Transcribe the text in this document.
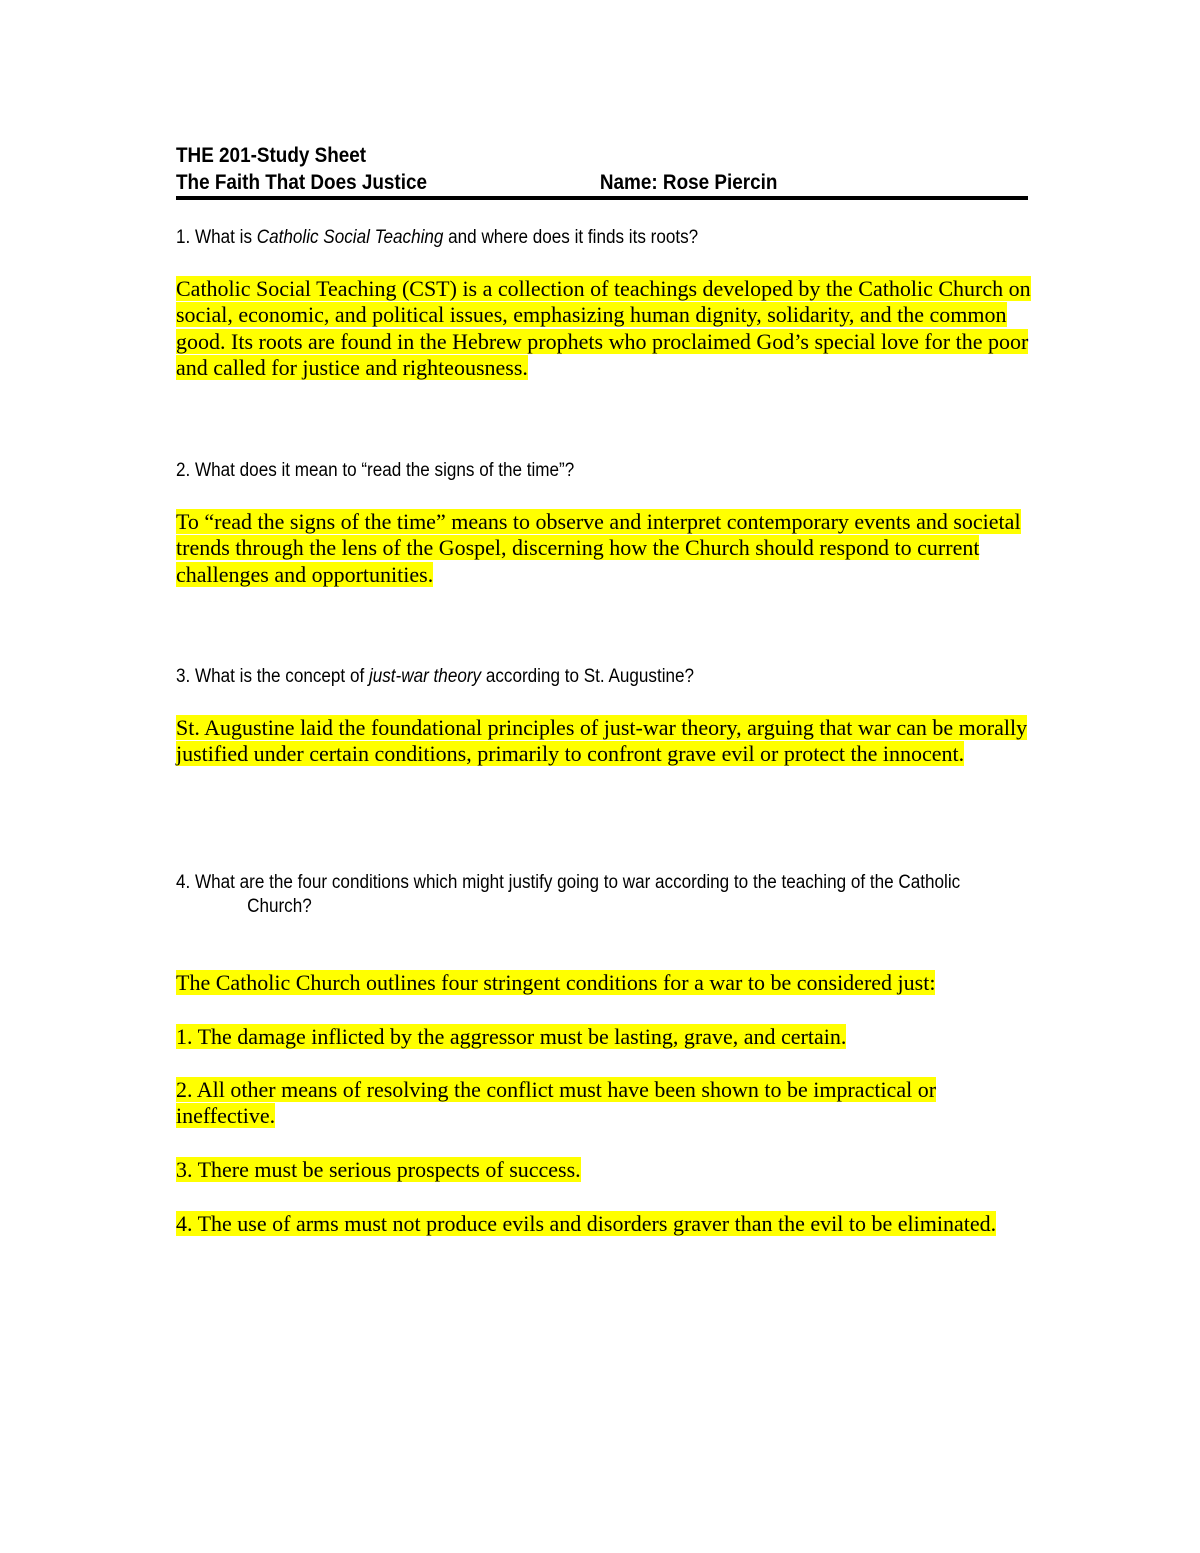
THE 201-Study Sheet
The Faith That Does Justice	Name: Rose Piercin
1. What is Catholic Social Teaching and where does it finds its roots?

Catholic Social Teaching (CST) is a collection of teachings developed by the Catholic Church on social, economic, and political issues, emphasizing human dignity, solidarity, and the common good. Its roots are found in the Hebrew prophets who proclaimed God’s special love for the poor and called for justice and righteousness.

2. What does it mean to “read the signs of the time”?

To “read the signs of the time” means to observe and interpret contemporary events and societal trends through the lens of the Gospel, discerning how the Church should respond to current challenges and opportunities.

3. What is the concept of just-war theory according to St. Augustine?

St. Augustine laid the foundational principles of just-war theory, arguing that war can be morally justified under certain conditions, primarily to confront grave evil or protect the innocent.

4. What are the four conditions which might justify going to war according to the teaching of the Catholic
Church?

The Catholic Church outlines four stringent conditions for a war to be considered just:

1. The damage inflicted by the aggressor must be lasting, grave, and certain.

2. All other means of resolving the conflict must have been shown to be impractical or ineffective.

3. There must be serious prospects of success.

4. The use of arms must not produce evils and disorders graver than the evil to be eliminated.
